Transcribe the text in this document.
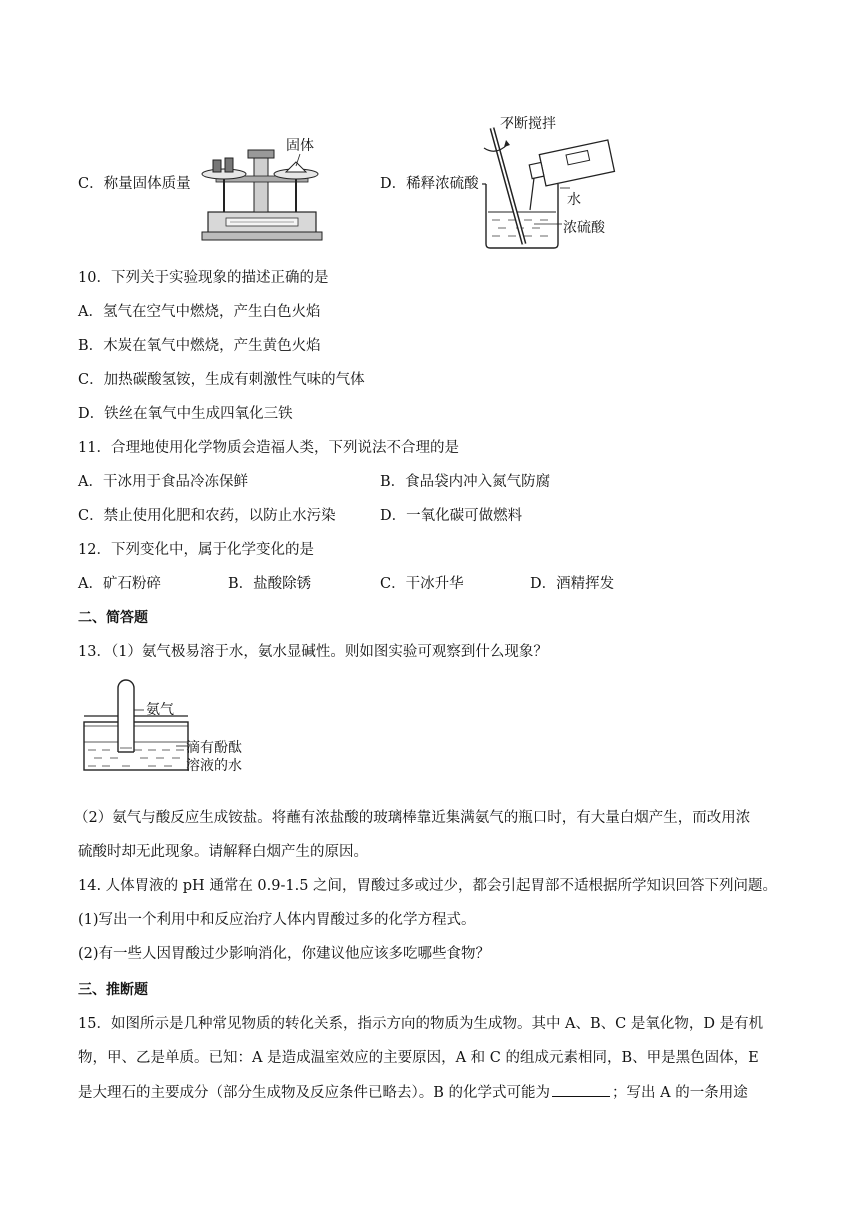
C．称量固体质量
固体
D．稀释浓硫酸
不断搅拌
水
浓硫酸
10．下列关于实验现象的描述正确的是
A．氢气在空气中燃烧，产生白色火焰
B．木炭在氧气中燃烧，产生黄色火焰
C．加热碳酸氢铵，生成有刺激性气味的气体
D．铁丝在氧气中生成四氧化三铁
11．合理地使用化学物质会造福人类，下列说法不合理的是
A．干冰用于食品冷冻保鲜	B．食品袋内冲入氮气防腐
C．禁止使用化肥和农药，以防止水污染	D．一氧化碳可做燃料
12．下列变化中，属于化学变化的是
A．矿石粉碎	B．盐酸除锈	C．干冰升华	D．酒精挥发
二、简答题
13．（1）氨气极易溶于水，氨水显碱性。则如图实验可观察到什么现象？
氨气
滴有酚酞
溶液的水
（2）氨气与酸反应生成铵盐。将蘸有浓盐酸的玻璃棒靠近集满氨气的瓶口时，有大量白烟产生，而改用浓
硫酸时却无此现象。请解释白烟产生的原因。
14. 人体胃液的 pH 通常在 0.9-1.5 之间，胃酸过多或过少，都会引起胃部不适根据所学知识回答下列问题。
(1)写出一个利用中和反应治疗人体内胃酸过多的化学方程式。
(2)有一些人因胃酸过少影响消化，你建议他应该多吃哪些食物？
三、推断题
15．如图所示是几种常见物质的转化关系，指示方向的物质为生成物。其中 A、B、C 是氧化物，D 是有机
物，甲、乙是单质。已知：A 是造成温室效应的主要原因，A 和 C 的组成元素相同，B、甲是黑色固体，E
是大理石的主要成分（部分生成物及反应条件已略去）。B 的化学式可能为	；写出 A 的一条用途
